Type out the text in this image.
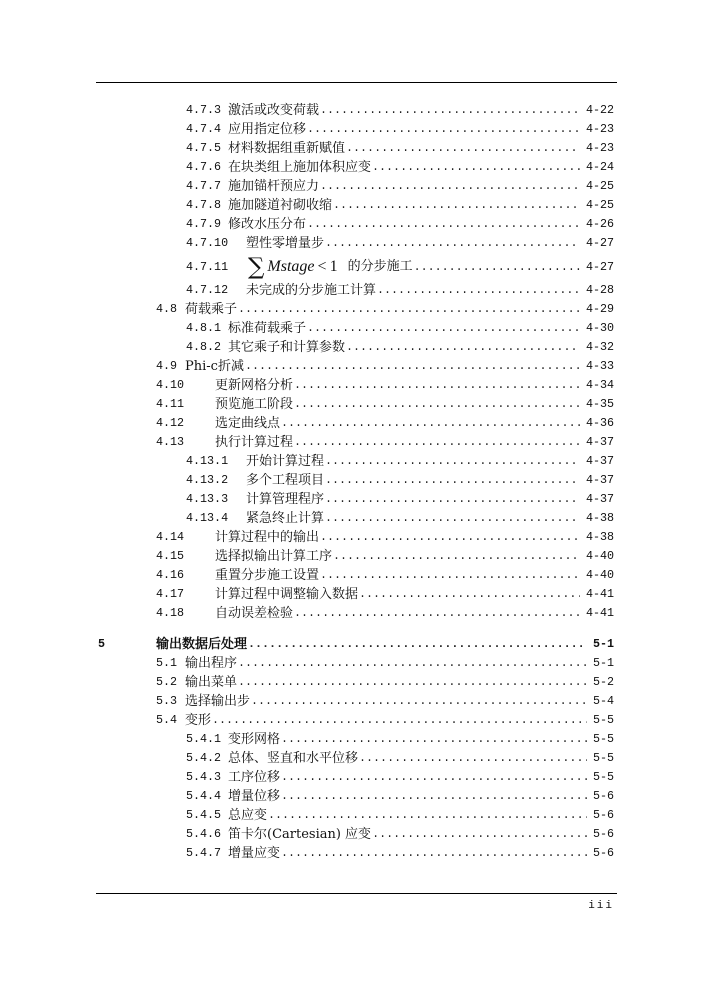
4.7.3 激活或改变荷载 .....	4-22
4.7.4 应用指定位移 .....	4-23
4.7.5 材料数据组重新赋值 .....	4-23
4.7.6 在块类组上施加体积应变 .....	4-24
4.7.7 施加锚杆预应力 .....	4-25
4.7.8 施加隧道衬砌收缩 .....	4-25
4.7.9 修改水压分布 .....	4-26
4.7.10	塑性零增量步 .....	4-27
4.7.11 ∑ Mstage < 1 的分步施工 .....	4-27
4.7.12	未完成的分步施工计算 .....	4-28
4.8 荷载乘子 .....	4-29
4.8.1 标准荷载乘子 .....	4-30
4.8.2 其它乘子和计算参数 .....	4-32
4.9 Phi-c折减 .....	4-33
4.10	更新网格分析 .....	4-34
4.11	预览施工阶段 .....	4-35
4.12	选定曲线点 .....	4-36
4.13	执行计算过程 .....	4-37
4.13.1	开始计算过程 .....	4-37
4.13.2	多个工程项目 .....	4-37
4.13.3	计算管理程序 .....	4-37
4.13.4	紧急终止计算 .....	4-38
4.14	计算过程中的输出 .....	4-38
4.15	选择拟输出计算工序 .....	4-40
4.16	重置分步施工设置 .....	4-40
4.17	计算过程中调整输入数据 .....	4-41
4.18	自动误差检验 .....	4-41
5	输出数据后处理 .....	5-1
5.1 输出程序 .....	5-1
5.2 输出菜单 .....	5-2
5.3 选择输出步 .....	5-4
5.4 变形 .....	5-5
5.4.1 变形网格 .....	5-5
5.4.2 总体、竖直和水平位移 .....	5-5
5.4.3 工序位移 .....	5-5
5.4.4 增量位移 .....	5-6
5.4.5 总应变 .....	5-6
5.4.6 笛卡尔(Cartesian) 应变 .....	5-6
5.4.7 增量应变 .....	5-6
iii
